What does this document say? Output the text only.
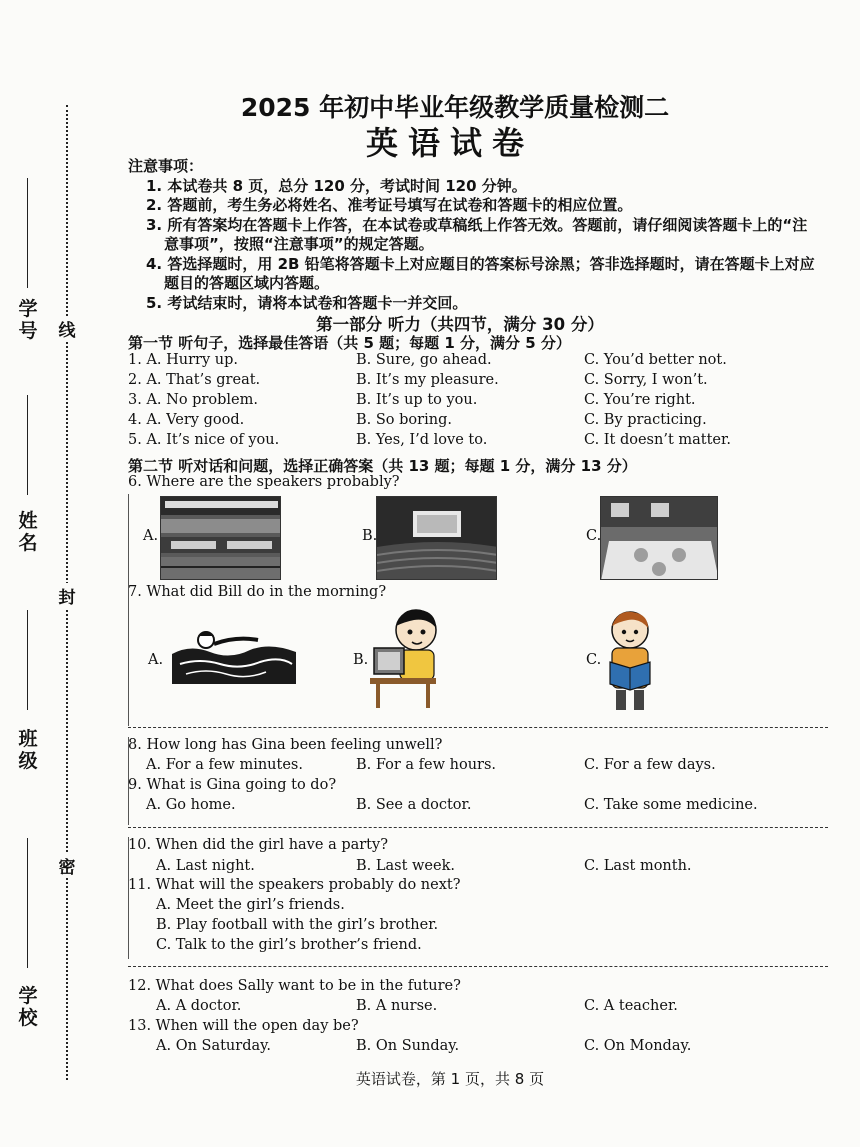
学号
姓名
班级
学校
线
封
密
2025 年初中毕业年级教学质量检测二
英语试卷
注意事项：
1. 本试卷共 8 页，总分 120 分，考试时间 120 分钟。
2. 答题前，考生务必将姓名、准考证号填写在试卷和答题卡的相应位置。
3. 所有答案均在答题卡上作答，在本试卷或草稿纸上作答无效。答题前，请仔细阅读答题卡上的“注意事项”，按照“注意事项”的规定答题。
4. 答选择题时，用 2B 铅笔将答题卡上对应题目的答案标号涂黑；答非选择题时，请在答题卡上对应题目的答题区域内答题。
5. 考试结束时，请将本试卷和答题卡一并交回。
第一部分 听力（共四节，满分 30 分）
第一节 听句子，选择最佳答语（共 5 题；每题 1 分，满分 5 分）
1. A. Hurry up.	B. Sure, go ahead.	C. You’d better not.
2. A. That’s great.	B. It’s my pleasure.	C. Sorry, I won’t.
3. A. No problem.	B. It’s up to you.	C. You’re right.
4. A. Very good.	B. So boring.	C. By practicing.
5. A. It’s nice of you.	B. Yes, I’d love to.	C. It doesn’t matter.
第二节 听对话和问题，选择正确答案（共 13 题；每题 1 分，满分 13 分）
6. Where are the speakers probably?
A.	B.	C.
7. What did Bill do in the morning?
A.	B.	C.
8. How long has Gina been feeling unwell?
A. For a few minutes.	B. For a few hours.	C. For a few days.
9. What is Gina going to do?
A. Go home.	B. See a doctor.	C. Take some medicine.
10. When did the girl have a party?
A. Last night.	B. Last week.	C. Last month.
11. What will the speakers probably do next?
A. Meet the girl’s friends.
B. Play football with the girl’s brother.
C. Talk to the girl’s brother’s friend.
12. What does Sally want to be in the future?
A. A doctor.	B. A nurse.	C. A teacher.
13. When will the open day be?
A. On Saturday.	B. On Sunday.	C. On Monday.
英语试卷，第 1 页，共 8 页
